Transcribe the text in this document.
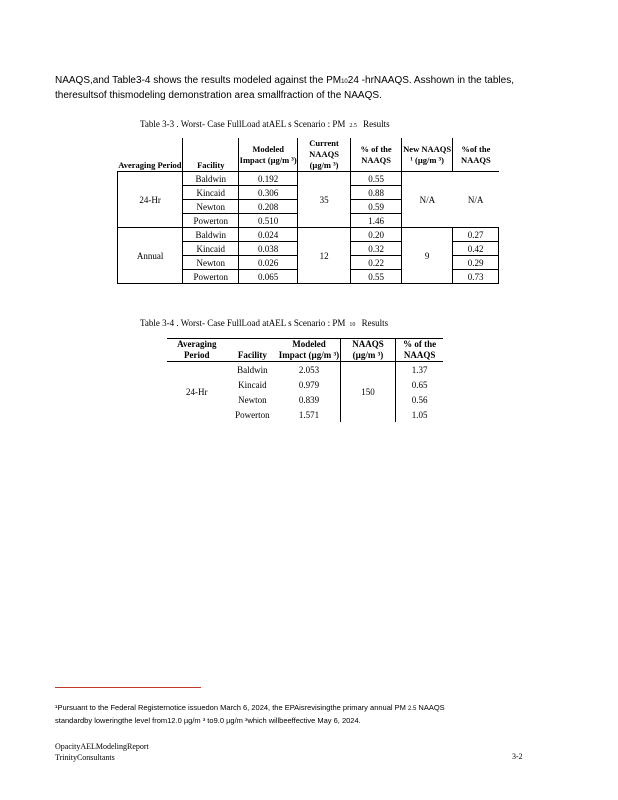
NAAQS,and Table3-4 shows the results modeled against the PM1024 -hrNAAQS. Asshown in the tables,
theresultsof thismodeling demonstration area smallfraction of the NAAQS.
Table 3-3 . Worst- Case FullLoad atAEL s Scenario : PM 2.5 Results
Averaging Period	Facility	Modeled Impact (µg/m ³)	Current NAAQS (µg/m ³)	% of the NAAQS	New NAAQS ¹ (µg/m ³)	%of the NAAQS
24-Hr	Baldwin	0.192	35	0.55	N/A	N/A
	Kincaid	0.306		0.88		
	Newton	0.208		0.59		
	Powerton	0.510		1.46		
Annual	Baldwin	0.024	12	0.20	9	0.27
	Kincaid	0.038		0.32		0.42
	Newton	0.026		0.22		0.29
	Powerton	0.065		0.55		0.73
Table 3-4 . Worst- Case FullLoad atAEL s Scenario : PM 10 Results
Averaging Period	Facility	Modeled Impact (µg/m ³)	NAAQS (µg/m ³)	% of the NAAQS
24-Hr	Baldwin	2.053	150	1.37
	Kincaid	0.979		0.65
	Newton	0.839		0.56
	Powerton	1.571		1.05
¹Pursuant to the Federal Registernotice issuedon March 6, 2024, the EPAisrevisingthe primary annual PM 2.5 NAAQS
standardby loweringthe level from12.0 µg/m ³ to9.0 µg/m ³which willbeeffective May 6, 2024.
OpacityAELModelingReport
TrinityConsultants	3-2
